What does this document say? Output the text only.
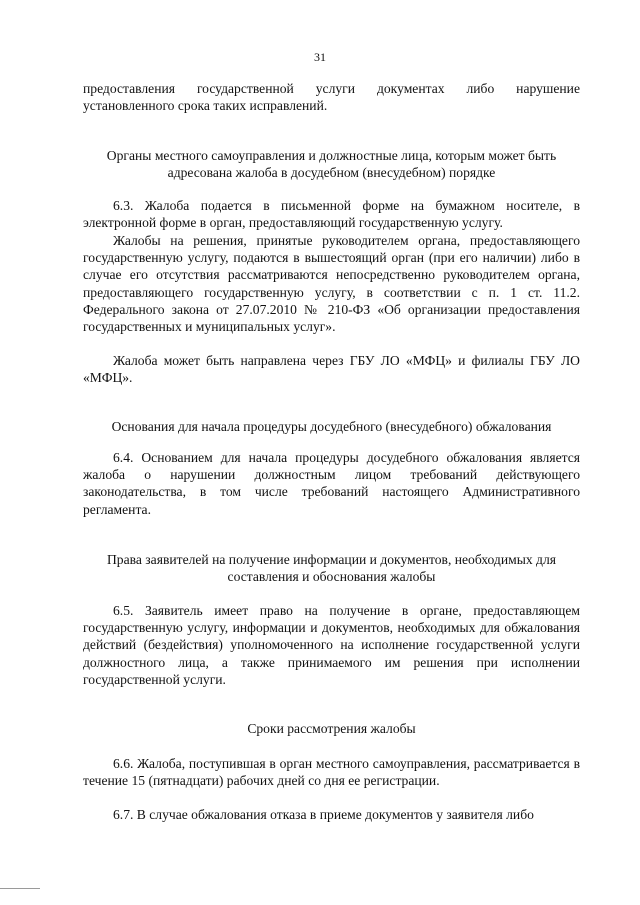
31

предоставления государственной услуги документах либо нарушение установленного срока таких исправлений.

Органы местного самоуправления и должностные лица, которым может быть адресована жалоба в досудебном (внесудебном) порядке

6.3. Жалоба подается в письменной форме на бумажном носителе, в электронной форме в орган, предоставляющий государственную услугу.

Жалобы на решения, принятые руководителем органа, предоставляющего государственную услугу, подаются в вышестоящий орган (при его наличии) либо в случае его отсутствия рассматриваются непосредственно руководителем органа, предоставляющего государственную услугу, в соответствии с п. 1 ст. 11.2. Федерального закона от 27.07.2010 № 210-ФЗ «Об организации предоставления государственных и муниципальных услуг».

Жалоба может быть направлена через ГБУ ЛО «МФЦ» и филиалы ГБУ ЛО «МФЦ».

Основания для начала процедуры досудебного (внесудебного) обжалования

6.4. Основанием для начала процедуры досудебного обжалования является жалоба о нарушении должностным лицом требований действующего законодательства, в том числе требований настоящего Административного регламента.

Права заявителей на получение информации и документов, необходимых для составления и обоснования жалобы

6.5. Заявитель имеет право на получение в органе, предоставляющем государственную услугу, информации и документов, необходимых для обжалования действий (бездействия) уполномоченного на исполнение государственной услуги должностного лица, а также принимаемого им решения при исполнении государственной услуги.

Сроки рассмотрения жалобы

6.6. Жалоба, поступившая в орган местного самоуправления, рассматривается в течение 15 (пятнадцати) рабочих дней со дня ее регистрации.

6.7. В случае обжалования отказа в приеме документов у заявителя либо
